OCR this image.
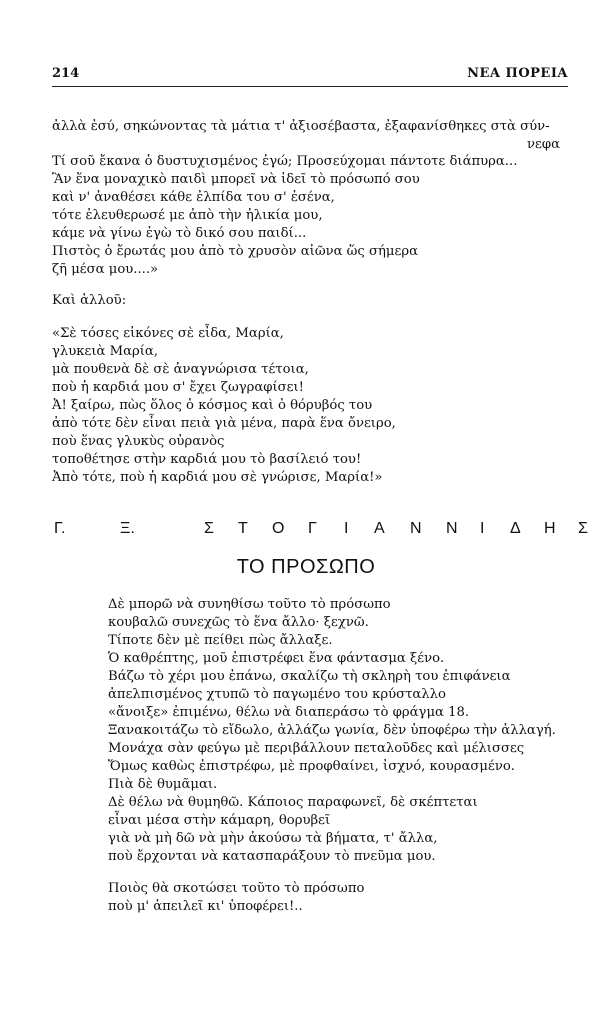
214	ΝΕΑ ΠΟΡΕΙΑ
ἀλλὰ ἐσύ, σηκώνοντας τὰ μάτια τ' ἀξιοσέβαστα, ἐξαφανίσθηκες στὰ σύν-
νεφα
Τί σοῦ ἔκανα ὁ δυστυχισμένος ἐγώ; Προσεύχομαι πάντοτε διάπυρα...
Ἂν ἕνα μοναχικὸ παιδὶ μπορεῖ νὰ ἰδεῖ τὸ πρόσωπό σου
καὶ ν' ἀναθέσει κάθε ἐλπίδα του σ' ἐσένα,
τότε ἐλευθερωσέ με ἀπὸ τὴν ἡλικία μου,
κάμε νὰ γίνω ἐγὼ τὸ δικό σου παιδί...
Πιστὸς ὁ ἔρωτάς μου ἀπὸ τὸ χρυσὸν αἰῶνα ὥς σήμερα
ζῆ μέσα μου....»
Καὶ ἀλλοῦ:
«Σὲ τόσες εἰκόνες σὲ εἶδα, Μαρία,
γλυκειὰ Μαρία,
μὰ πουθενὰ δὲ σὲ ἀναγνώρισα τέτοια,
ποὺ ἡ καρδιά μου σ' ἔχει ζωγραφίσει!
Ἀ! ξαίρω, πὼς ὅλος ὁ κόσμος καὶ ὁ θόρυβός του
ἀπὸ τότε δὲν εἶναι πειὰ γιὰ μένα, παρὰ ἕνα ὄνειρο,
ποὺ ἕνας γλυκὺς οὐρανὸς
τοποθέτησε στὴν καρδιά μου τὸ βασίλειό του!
Ἀπὸ τότε, ποὺ ἡ καρδιά μου σὲ γνώρισε, Μαρία!»
Γ.	Ξ.	Σ Τ Ο Γ Ι Α Ν Ν Ι Δ Η Σ
ΤΟ ΠΡΟΣΩΠΟ
Δὲ μπορῶ νὰ συνηθίσω τοῦτο τὸ πρόσωπο
κουβαλῶ συνεχῶς τὸ ἕνα ἄλλο· ξεχνῶ.
Τίποτε δὲν μὲ πείθει πὼς ἄλλαξε.
Ὁ καθρέπτης, μοῦ ἐπιστρέφει ἕνα φάντασμα ξένο.
Βάζω τὸ χέρι μου ἐπάνω, σκαλίζω τὴ σκληρὴ του ἐπιφάνεια
ἀπελπισμένος χτυπῶ τὸ παγωμένο του κρύσταλλο
«ἄνοιξε» ἐπιμένω, θέλω νὰ διαπεράσω τὸ φράγμα 18.
Ξανακοιτάζω τὸ εἴδωλο, ἀλλάζω γωνία, δὲν ὑποφέρω τὴν ἀλλαγή.
Μονάχα σὰν φεύγω μὲ περιβάλλουν πεταλοῦδες καὶ μέλισσες
Ὅμως καθὼς ἐπιστρέφω, μὲ προφθαίνει, ἰσχνό, κουρασμένο.
Πιὰ δὲ θυμᾶμαι.
Δὲ θέλω νὰ θυμηθῶ. Κάποιος παραφωνεῖ, δὲ σκέπτεται
εἶναι μέσα στὴν κάμαρη, θορυβεῖ
γιὰ νὰ μὴ δῶ νὰ μὴν ἀκούσω τὰ βήματα, τ' ἄλλα,
ποὺ ἔρχονται νὰ κατασπαράξουν τὸ πνεῦμα μου.
Ποιὸς θὰ σκοτώσει τοῦτο τὸ πρόσωπο
ποὺ μ' ἀπειλεῖ κι' ὑποφέρει!..
